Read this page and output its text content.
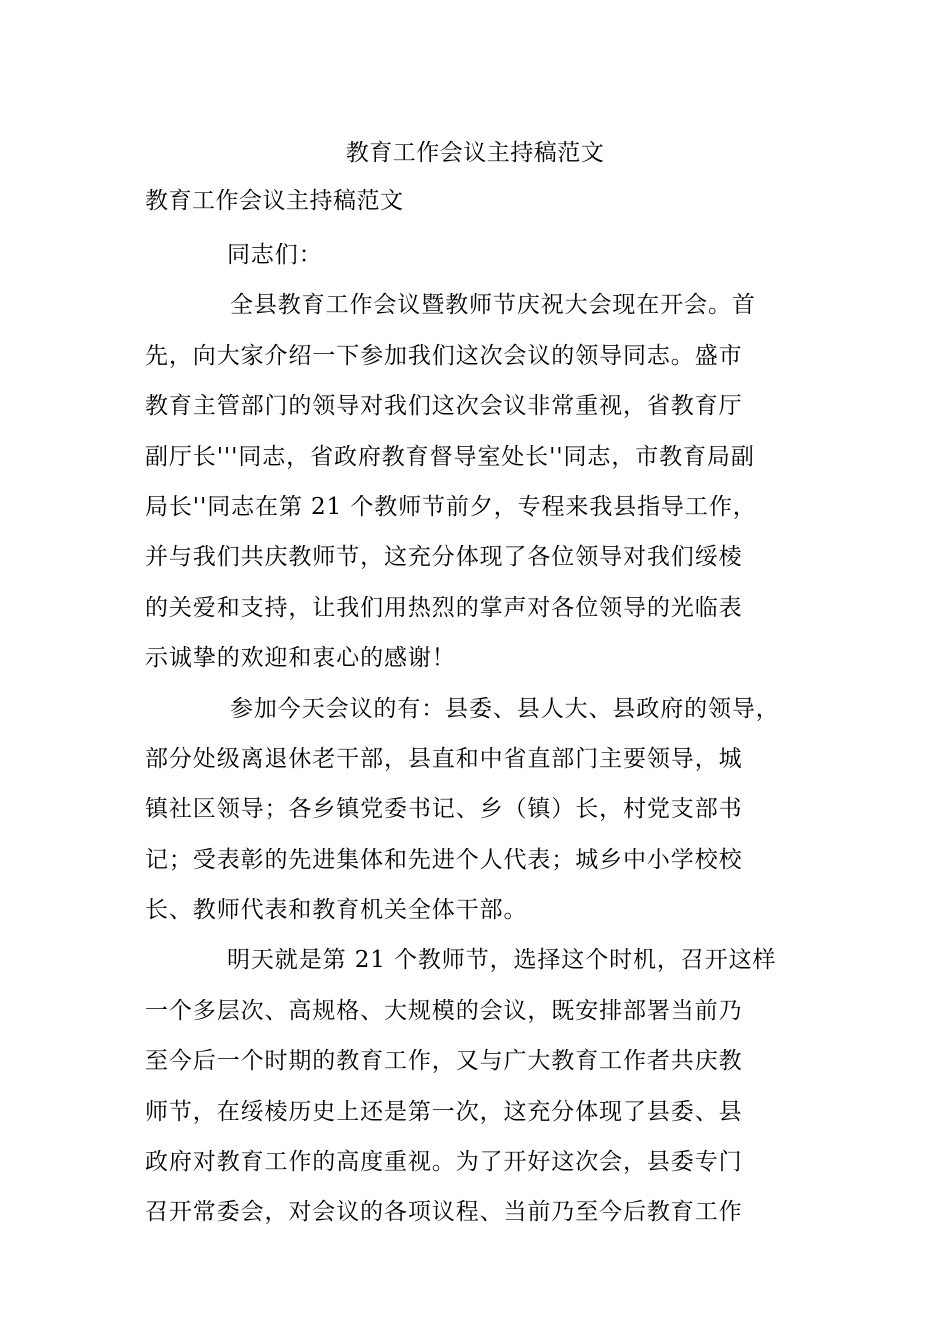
教育工作会议主持稿范文
教育工作会议主持稿范文
同志们：
全县教育工作会议暨教师节庆祝大会现在开会。首
先，向大家介绍一下参加我们这次会议的领导同志。盛市
教育主管部门的领导对我们这次会议非常重视，省教育厅
副厅长'''同志，省政府教育督导室处长''同志，市教育局副
局长''同志在第 21 个教师节前夕，专程来我县指导工作，
并与我们共庆教师节，这充分体现了各位领导对我们绥棱
的关爱和支持，让我们用热烈的掌声对各位领导的光临表
示诚挚的欢迎和衷心的感谢！
参加今天会议的有：县委、县人大、县政府的领导，
部分处级离退休老干部，县直和中省直部门主要领导，城
镇社区领导；各乡镇党委书记、乡（镇）长，村党支部书
记；受表彰的先进集体和先进个人代表；城乡中小学校校
长、教师代表和教育机关全体干部。
明天就是第 21 个教师节，选择这个时机，召开这样
一个多层次、高规格、大规模的会议，既安排部署当前乃
至今后一个时期的教育工作，又与广大教育工作者共庆教
师节，在绥棱历史上还是第一次，这充分体现了县委、县
政府对教育工作的高度重视。为了开好这次会，县委专门
召开常委会，对会议的各项议程、当前乃至今后教育工作
